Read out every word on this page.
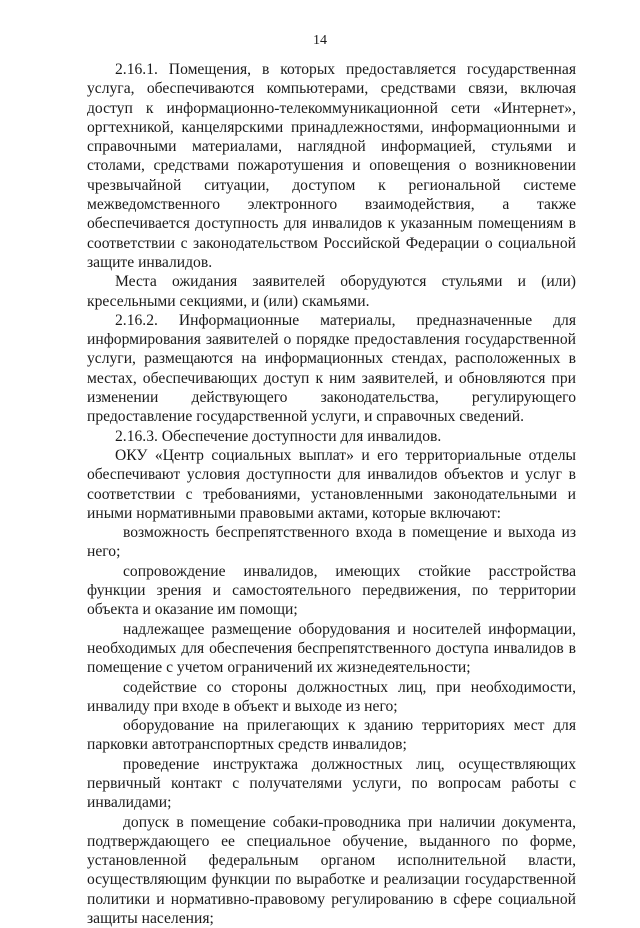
14

2.16.1. Помещения, в которых предоставляется государственная услуга, обеспечиваются компьютерами, средствами связи, включая доступ к информационно-телекоммуникационной сети «Интернет», оргтехникой, канцелярскими принадлежностями, информационными и справочными материалами, наглядной информацией, стульями и столами, средствами пожаротушения и оповещения о возникновении чрезвычайной ситуации, доступом к региональной системе межведомственного электронного взаимодействия, а также обеспечивается доступность для инвалидов к указанным помещениям в соответствии с законодательством Российской Федерации о социальной защите инвалидов.

Места ожидания заявителей оборудуются стульями и (или) кресельными секциями, и (или) скамьями.

2.16.2. Информационные материалы, предназначенные для информирования заявителей о порядке предоставления государственной услуги, размещаются на информационных стендах, расположенных в местах, обеспечивающих доступ к ним заявителей, и обновляются при изменении действующего законодательства, регулирующего предоставление государственной услуги, и справочных сведений.

2.16.3. Обеспечение доступности для инвалидов.

ОКУ «Центр социальных выплат» и его территориальные отделы обеспечивают условия доступности для инвалидов объектов и услуг в соответствии с требованиями, установленными законодательными и иными нормативными правовыми актами, которые включают:

возможность беспрепятственного входа в помещение и выхода из него;

сопровождение инвалидов, имеющих стойкие расстройства функции зрения и самостоятельного передвижения, по территории объекта и оказание им помощи;

надлежащее размещение оборудования и носителей информации, необходимых для обеспечения беспрепятственного доступа инвалидов в помещение с учетом ограничений их жизнедеятельности;

содействие со стороны должностных лиц, при необходимости, инвалиду при входе в объект и выходе из него;

оборудование на прилегающих к зданию территориях мест для парковки автотранспортных средств инвалидов;

проведение инструктажа должностных лиц, осуществляющих первичный контакт с получателями услуги, по вопросам работы с инвалидами;

допуск в помещение собаки-проводника при наличии документа, подтверждающего ее специальное обучение, выданного по форме, установленной федеральным органом исполнительной власти, осуществляющим функции по выработке и реализации государственной политики и нормативно-правовому регулированию в сфере социальной защиты населения;
